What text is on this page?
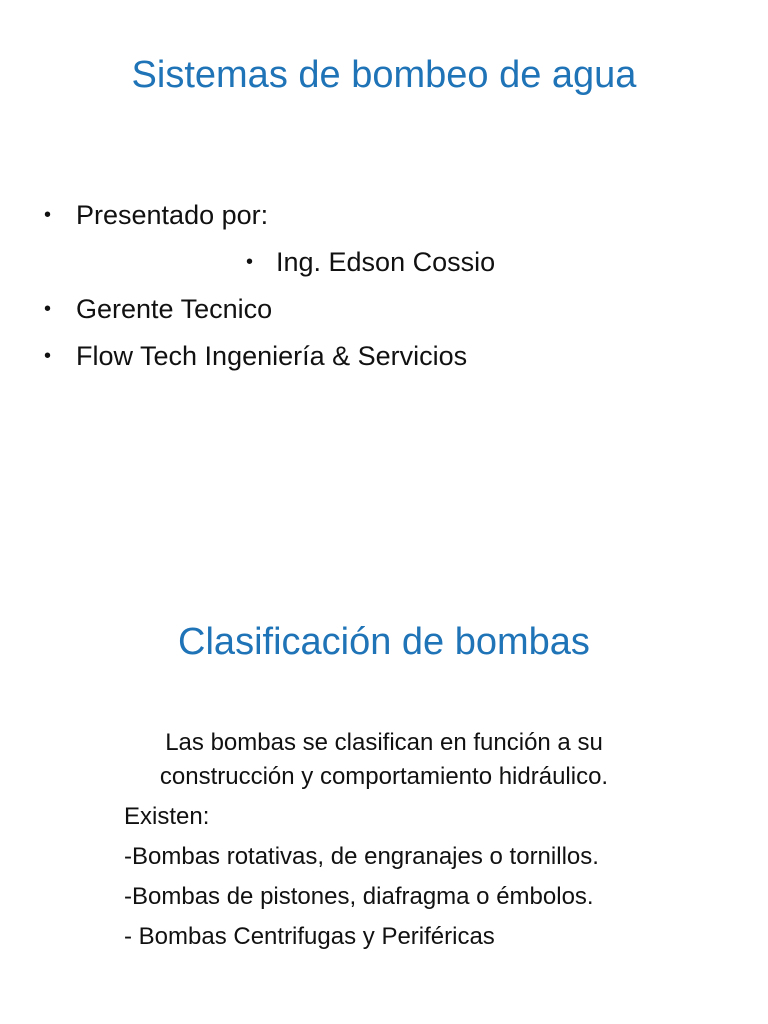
Sistemas de bombeo de agua
• Presentado por:
• Ing. Edson Cossio
• Gerente Tecnico
• Flow Tech Ingeniería & Servicios
Clasificación de bombas

Las bombas se clasifican en función a su construcción y comportamiento hidráulico.

Existen:

-Bombas rotativas, de engranajes o tornillos.

-Bombas de pistones, diafragma o émbolos.

- Bombas Centrifugas y Periféricas
